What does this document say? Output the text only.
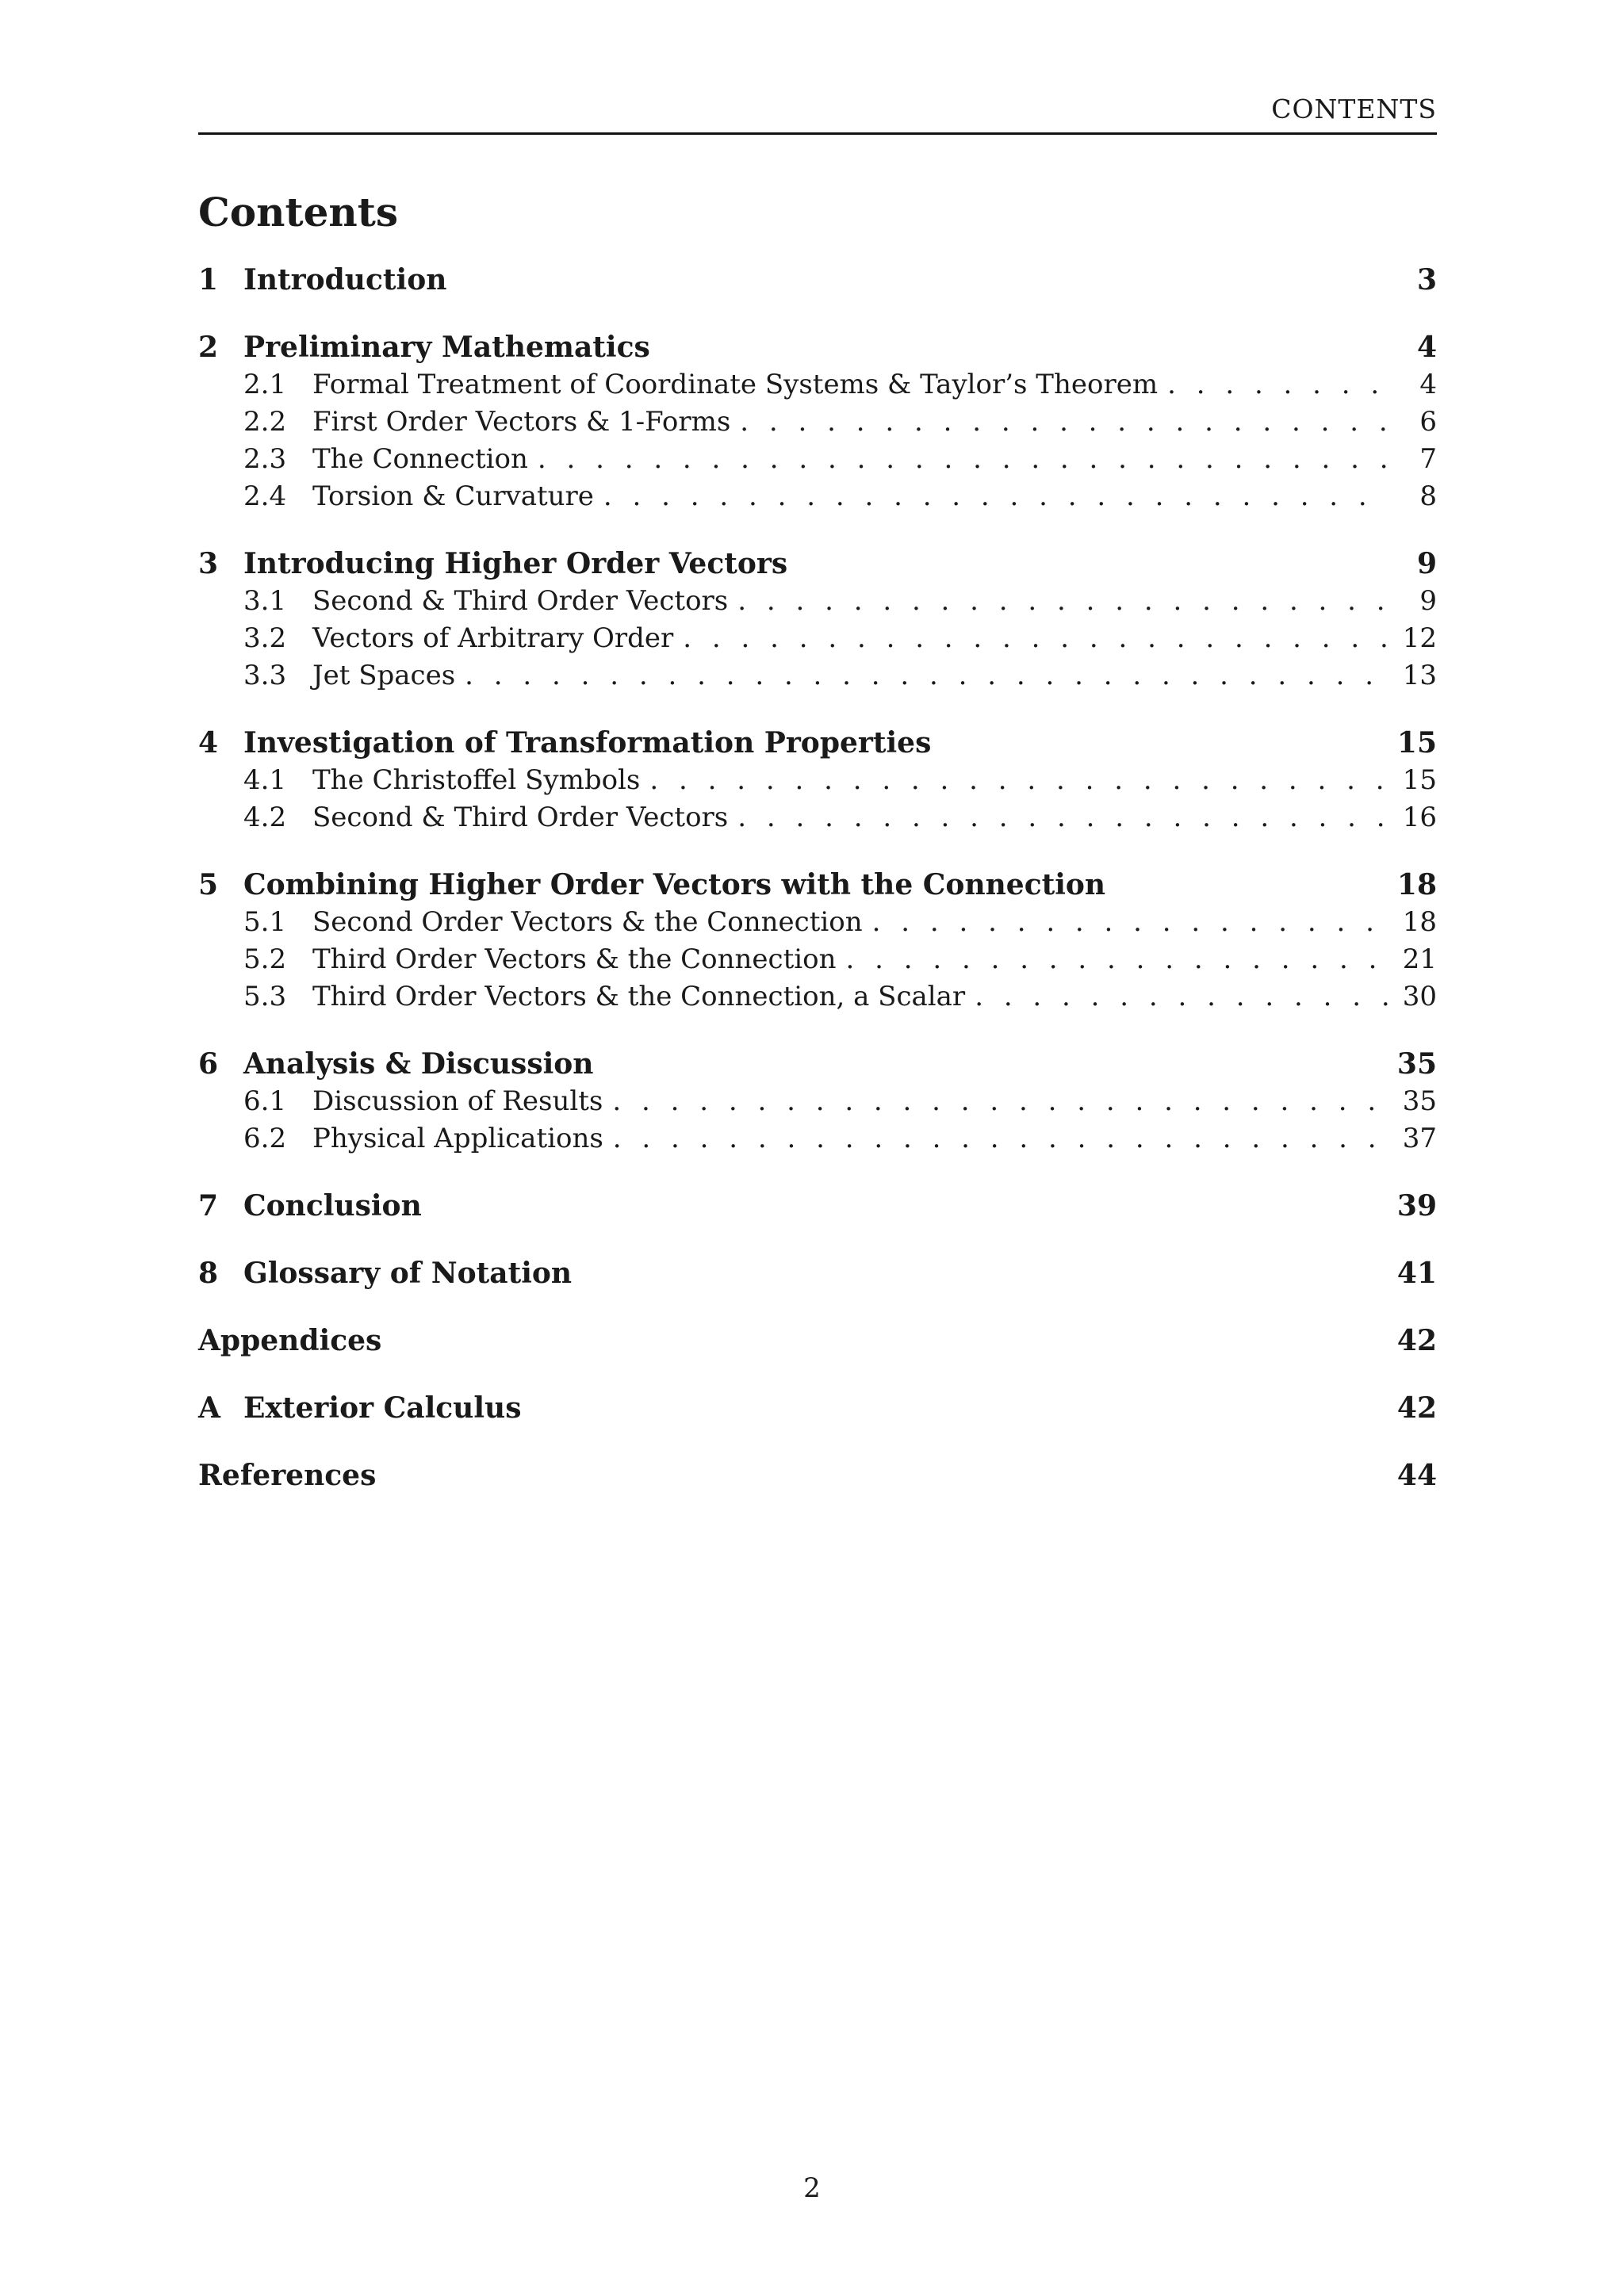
CONTENTS
Contents
1 Introduction	3
2 Preliminary Mathematics	4
2.1 Formal Treatment of Coordinate Systems & Taylor’s Theorem . . .	4
2.2 First Order Vectors & 1-Forms . . .	6
2.3 The Connection . . .	7
2.4 Torsion & Curvature . . .	8
3 Introducing Higher Order Vectors	9
3.1 Second & Third Order Vectors . . .	9
3.2 Vectors of Arbitrary Order . . .	12
3.3 Jet Spaces . . .	13
4 Investigation of Transformation Properties	15
4.1 The Christoffel Symbols . . .	15
4.2 Second & Third Order Vectors . . .	16
5 Combining Higher Order Vectors with the Connection	18
5.1 Second Order Vectors & the Connection . . .	18
5.2 Third Order Vectors & the Connection . . .	21
5.3 Third Order Vectors & the Connection, a Scalar . . .	30
6 Analysis & Discussion	35
6.1 Discussion of Results . . .	35
6.2 Physical Applications . . .	37
7 Conclusion	39
8 Glossary of Notation	41
Appendices	42
A Exterior Calculus	42
References	44
2
